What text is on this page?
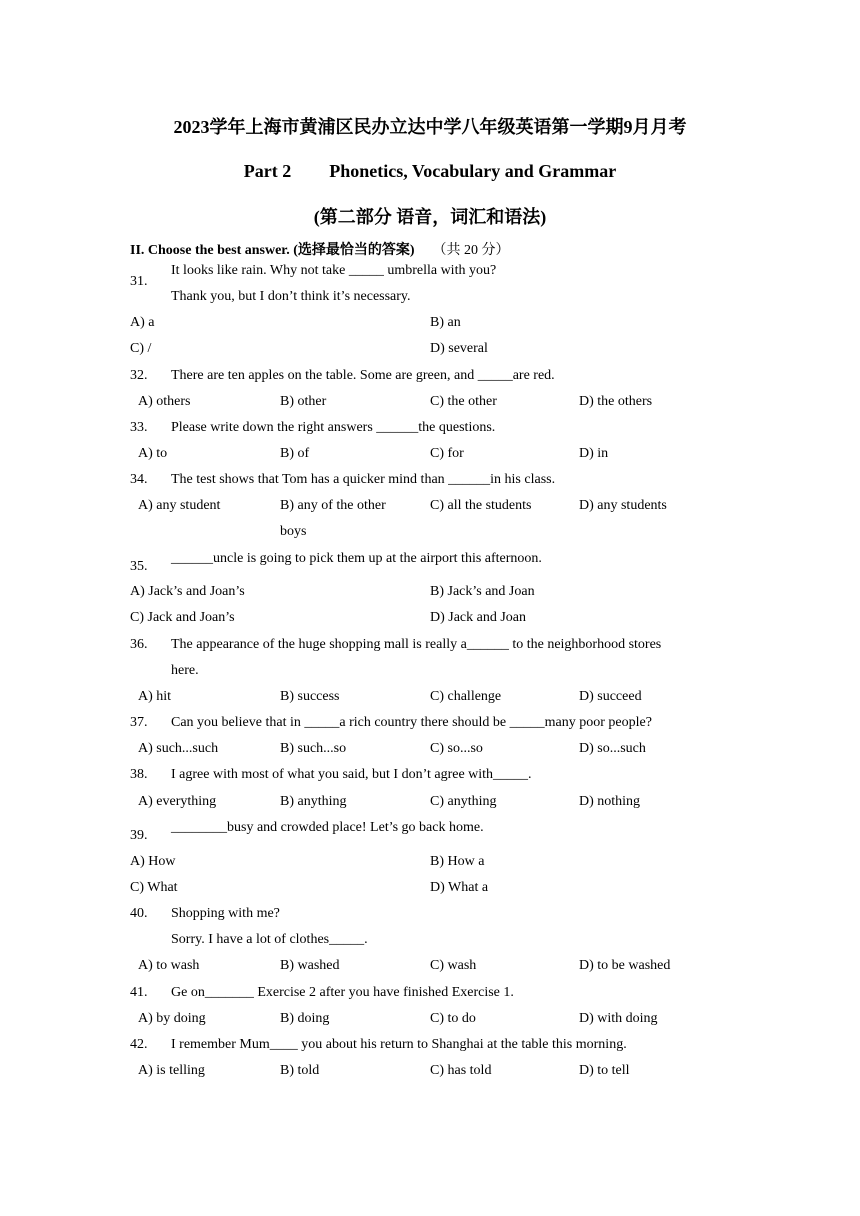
2023学年上海市黄浦区民办立达中学八年级英语第一学期9月月考
Part 2 Phonetics, Vocabulary and Grammar
(第二部分 语音，词汇和语法)
II. Choose the best answer. (选择最恰当的答案) （共 20 分）
31.
It looks like rain. Why not take _____ umbrella with you?
Thank you, but I don’t think it’s necessary.
A) a	B) an
C) /	D) several
32. There are ten apples on the table. Some are green, and _____are red.
A) others	B) other	C) the other	D) the others
33. Please write down the right answers ______the questions.
A) to	B) of	C) for	D) in
34. The test shows that Tom has a quicker mind than ______in his class.
A) any student	B) any of the other
boys
C) all the students	D) any students
35.
______uncle is going to pick them up at the airport this afternoon.
A) Jack’s and Joan’s	B) Jack’s and Joan
C) Jack and Joan’s	D) Jack and Joan
36. The appearance of the huge shopping mall is really a______ to the neighborhood stores
here.
A) hit	B) success	C) challenge	D) succeed
37. Can you believe that in _____a rich country there should be _____many poor people?
A) such...such	B) such...so	C) so...so	D) so...such
38. I agree with most of what you said, but I don’t agree with_____.
A) everything	B) anything	C) anything	D) nothing
39.
________busy and crowded place! Let’s go back home.
A) How	B) How a
C) What	D) What a
40. Shopping with me?
Sorry. I have a lot of clothes_____.
A) to wash	B) washed	C) wash	D) to be washed
41. Ge on_______ Exercise 2 after you have finished Exercise 1.
A) by doing	B) doing	C) to do	D) with doing
42. I remember Mum____ you about his return to Shanghai at the table this morning.
A) is telling	B) told	C) has told	D) to tell
